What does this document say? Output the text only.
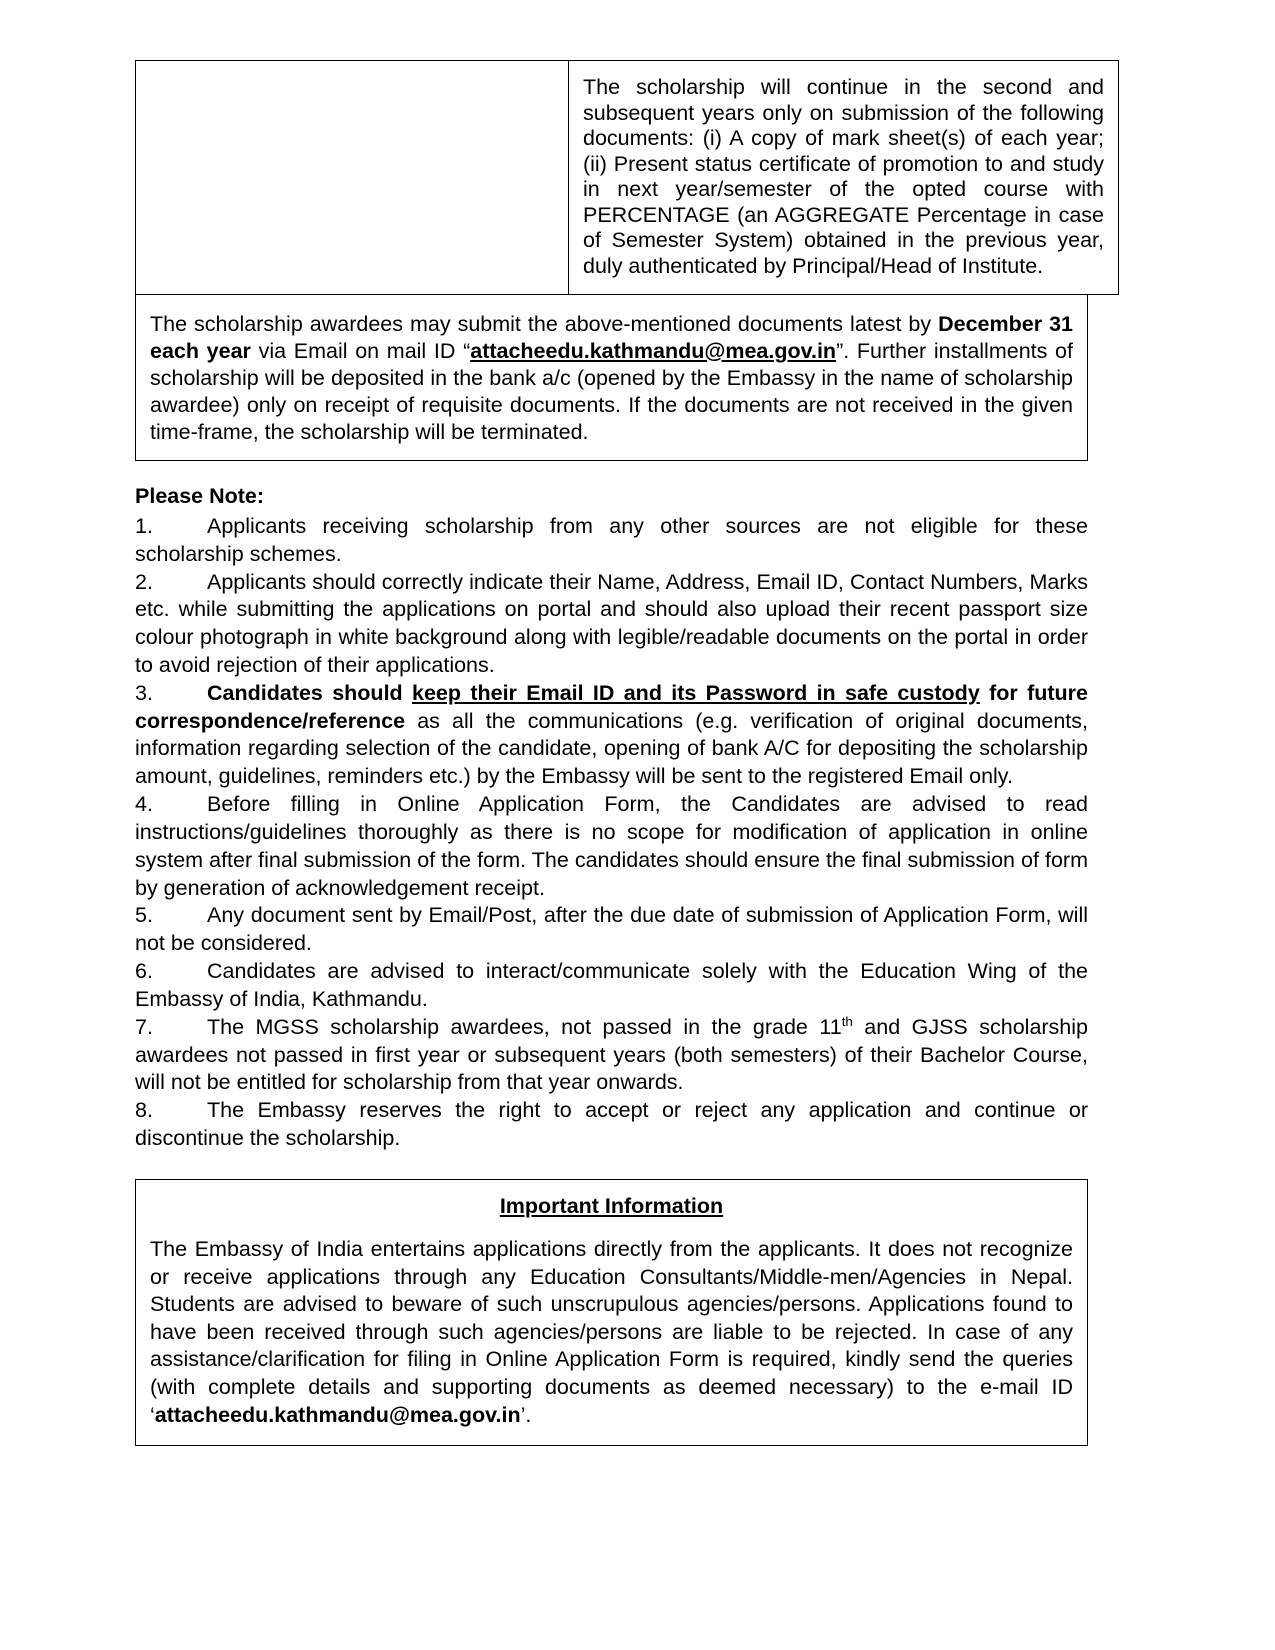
The scholarship will continue in the second and subsequent years only on submission of the following documents: (i) A copy of mark sheet(s) of each year; (ii) Present status certificate of promotion to and study in next year/semester of the opted course with PERCENTAGE (an AGGREGATE Percentage in case of Semester System) obtained in the previous year, duly authenticated by Principal/Head of Institute.

The scholarship awardees may submit the above-mentioned documents latest by December 31 each year via Email on mail ID “attacheedu.kathmandu@mea.gov.in”. Further installments of scholarship will be deposited in the bank a/c (opened by the Embassy in the name of scholarship awardee) only on receipt of requisite documents. If the documents are not received in the given time-frame, the scholarship will be terminated.

Please Note:

1.	Applicants receiving scholarship from any other sources are not eligible for these scholarship schemes.

2.	Applicants should correctly indicate their Name, Address, Email ID, Contact Numbers, Marks etc. while submitting the applications on portal and should also upload their recent passport size colour photograph in white background along with legible/readable documents on the portal in order to avoid rejection of their applications.

3.	Candidates should keep their Email ID and its Password in safe custody for future correspondence/reference as all the communications (e.g. verification of original documents, information regarding selection of the candidate, opening of bank A/C for depositing the scholarship amount, guidelines, reminders etc.) by the Embassy will be sent to the registered Email only.

4.	Before filling in Online Application Form, the Candidates are advised to read instructions/guidelines thoroughly as there is no scope for modification of application in online system after final submission of the form. The candidates should ensure the final submission of form by generation of acknowledgement receipt.

5.	Any document sent by Email/Post, after the due date of submission of Application Form, will not be considered.

6.	Candidates are advised to interact/communicate solely with the Education Wing of the Embassy of India, Kathmandu.

7.	The MGSS scholarship awardees, not passed in the grade 11th and GJSS scholarship awardees not passed in first year or subsequent years (both semesters) of their Bachelor Course, will not be entitled for scholarship from that year onwards.

8.	The Embassy reserves the right to accept or reject any application and continue or discontinue the scholarship.

Important Information

The Embassy of India entertains applications directly from the applicants. It does not recognize or receive applications through any Education Consultants/Middle-men/Agencies in Nepal. Students are advised to beware of such unscrupulous agencies/persons. Applications found to have been received through such agencies/persons are liable to be rejected. In case of any assistance/clarification for filing in Online Application Form is required, kindly send the queries (with complete details and supporting documents as deemed necessary) to the e-mail ID ‘attacheedu.kathmandu@mea.gov.in’.
